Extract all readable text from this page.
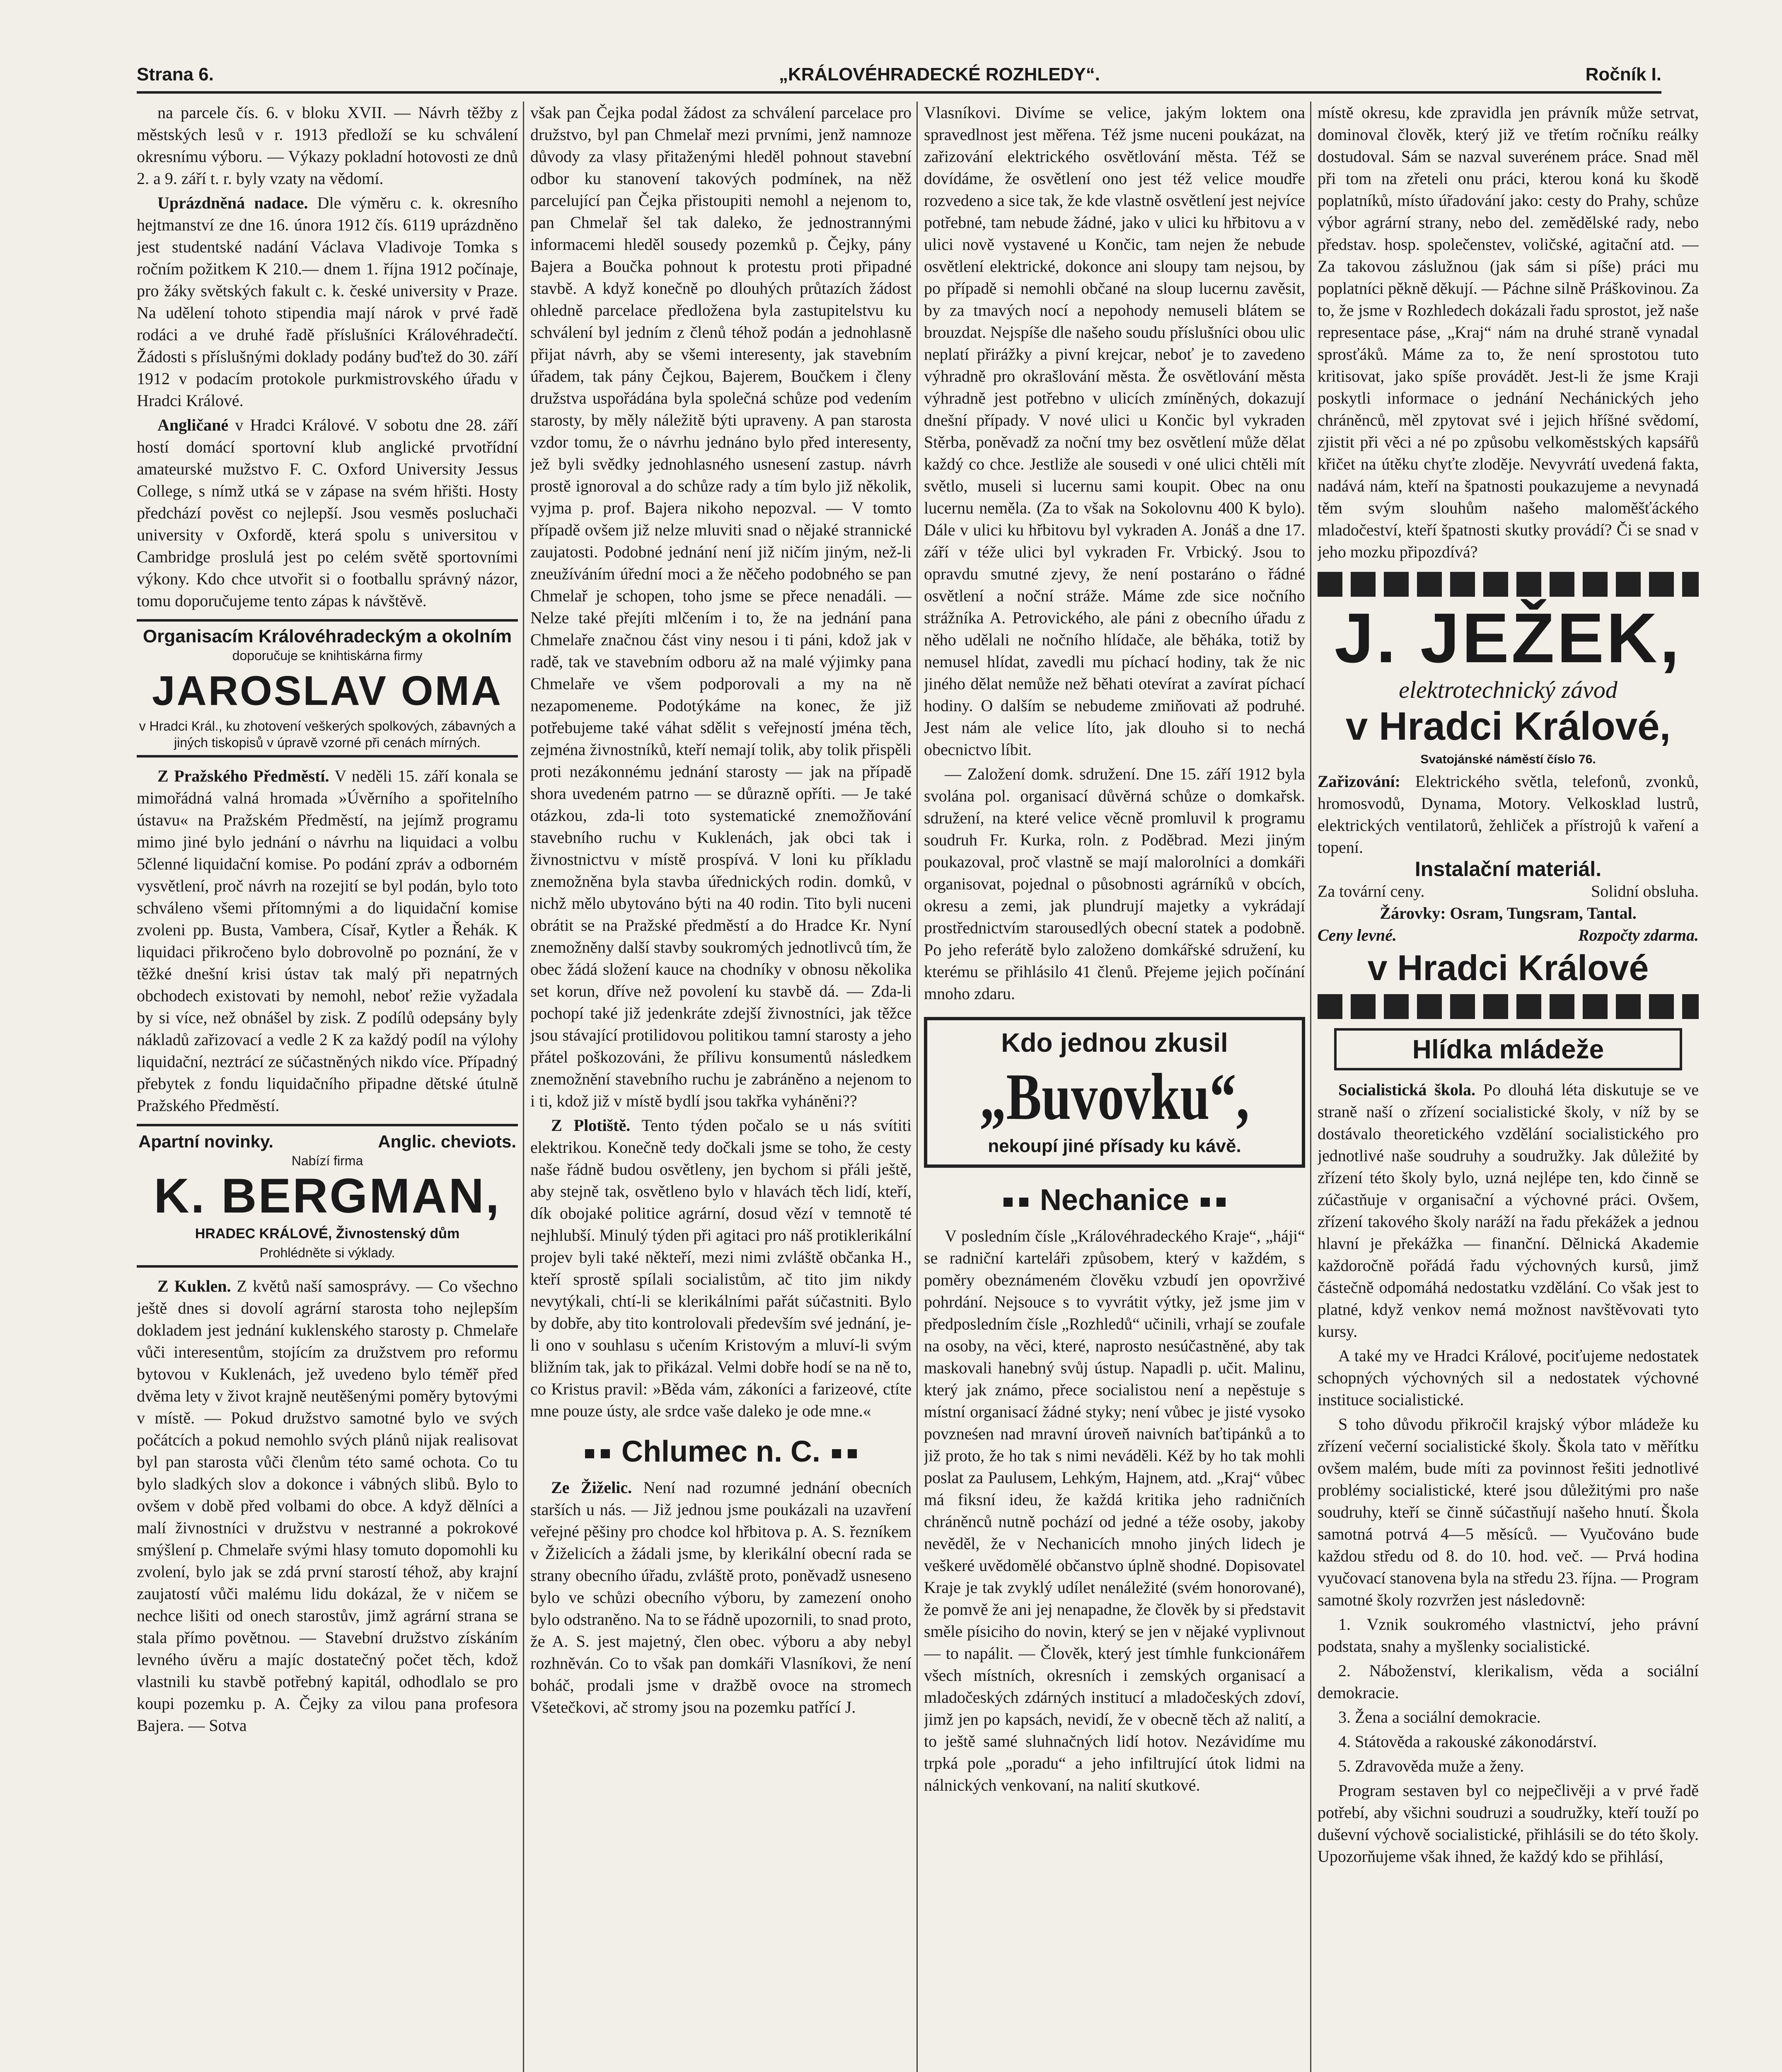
Strana 6.	„KRÁLOVÉHRADECKÉ ROZHLEDY“.	Ročník I.

na parcele čís. 6. v bloku XVII. — Návrh těžby z městských lesů v r. 1913 předloží se ku schválení okresnímu výboru. — Výkazy pokladní hotovosti ze dnů 2. a 9. září t. r. byly vzaty na vědomí.

Uprázdněná nadace. Dle výměru c. k. okresního hejtmanství ze dne 16. února 1912 čís. 6119 uprázdněno jest studentské nadání Václava Vladivoje Tomka s ročním požitkem K 210.— dnem 1. října 1912 počínaje, pro žáky světských fakult c. k. české university v Praze. Na udělení tohoto stipendia mají nárok v prvé řadě rodáci a ve druhé řadě příslušníci Královéhradečtí. Žádosti s příslušnými doklady podány buďtež do 30. září 1912 v podacím protokole purkmistrovského úřadu v Hradci Králové.

Angličané v Hradci Králové. V sobotu dne 28. září hostí domácí sportovní klub anglické prvotřídní amateurské mužstvo F. C. Oxford University Jessus College, s nímž utká se v zápase na svém hřišti. Hosty předchází pověst co nejlepší. Jsou vesměs posluchači university v Oxfordě, která spolu s universitou v Cambridge proslulá jest po celém světě sportovními výkony. Kdo chce utvořit si o footballu správný názor, tomu doporučujeme tento zápas k návštěvě.

Organisacím Královéhradeckým a okolním
doporučuje se knihtiskárna firmy
JAROSLAV OMA
v Hradci Král., ku zhotovení veškerých spolkových, zábavných a jiných tiskopisů v úpravě vzorné při cenách mírných.

Z Pražského Předměstí. V neděli 15. září konala se mimořádná valná hromada »Úvěrního a spořitelního ústavu« na Pražském Předměstí, na jejímž programu mimo jiné bylo jednání o návrhu na liquidaci a volbu 5členné liquidační komise. Po podání zpráv a odborném vysvětlení, proč návrh na rozejití se byl podán, bylo toto schváleno všemi přítomnými a do liquidační komise zvoleni pp. Busta, Vambera, Císař, Kytler a Řehák. K liquidaci přikročeno bylo dobrovolně po poznání, že v těžké dnešní krisi ústav tak malý při nepatrných obchodech existovati by nemohl, neboť režie vyžadala by si více, než obnášel by zisk. Z podílů odepsány byly nákladů zařizovací a vedle 2 K za každý podíl na výlohy liquidační, neztrácí ze súčastněných nikdo více. Případný přebytek z fondu liquidačního připadne dětské útulně Pražského Předměstí.

Apartní novinky.	Anglic. cheviots.
Nabízí firma
K. BERGMAN,
HRADEC KRÁLOVÉ, Živnostenský dům
Prohlédněte si výklady.

Z Kuklen. Z květů naší samosprávy. — Co všechno ještě dnes si dovolí agrární starosta toho nejlepším dokladem jest jednání kuklenského starosty p. Chmelaře vůči interesentům, stojícím za družstvem pro reformu bytovou v Kuklenách, jež uvedeno bylo téměř před dvěma lety v život krajně neutěšenými poměry bytovými v místě. — Pokud družstvo samotné bylo ve svých počátcích a pokud nemohlo svých plánů nijak realisovat byl pan starosta vůči členům této samé ochota. Co tu bylo sladkých slov a dokonce i vábných slibů. Bylo to ovšem v době před volbami do obce. A když dělníci a malí živnostníci v družstvu v nestranné a pokrokové smýšlení p. Chmelaře svými hlasy tomuto dopomohli ku zvolení, bylo jak se zdá první starostí téhož, aby krajní zaujatostí vůči malému lidu dokázal, že v ničem se nechce lišiti od onech starostův, jimž agrární strana se stala přímo povětnou. — Stavební družstvo získáním levného úvěru a majíc dostatečný počet těch, kdož vlastnili ku stavbě potřebný kapitál, odhodlalo se pro koupi pozemku p. A. Čejky za vilou pana profesora Bajera. — Sotva

však pan Čejka podal žádost za schválení parcelace pro družstvo, byl pan Chmelař mezi prvními, jenž namnoze důvody za vlasy přitaženými hleděl pohnout stavební odbor ku stanovení takových podmínek, na něž parcelující pan Čejka přistoupiti nemohl a nejenom to, pan Chmelař šel tak daleko, že jednostrannými informacemi hleděl sousedy pozemků p. Čejky, pány Bajera a Boučka pohnout k protestu proti připadné stavbě. A když konečně po dlouhých průtazích žádost ohledně parcelace předložena byla zastupitelstvu ku schválení byl jedním z členů téhož podán a jednohlasně přijat návrh, aby se všemi interesenty, jak stavebním úřadem, tak pány Čejkou, Bajerem, Boučkem i členy družstva uspořádána byla společná schůze pod vedením starosty, by měly náležitě býti upraveny. A pan starosta vzdor tomu, že o návrhu jednáno bylo před interesenty, jež byli svědky jednohlasného usnesení zastup. návrh prostě ignoroval a do schůze rady a tím bylo již několik, vyjma p. prof. Bajera nikoho nepozval. — V tomto případě ovšem již nelze mluviti snad o nějaké strannické zaujatosti. Podobné jednání není již ničím jiným, než-li zneužíváním úřední moci a že něčeho podobného se pan Chmelař je schopen, toho jsme se přece nenadáli. — Nelze také přejíti mlčením i to, že na jednání pana Chmelaře značnou část viny nesou i ti páni, kdož jak v radě, tak ve stavebním odboru až na malé výjimky pana Chmelaře ve všem podporovali a my na ně nezapomeneme. Podotýkáme na konec, že již potřebujeme také váhat sdělit s veřejností jména těch, zejména živnostníků, kteří nemají tolik, aby tolik přispěli proti nezákonnému jednání starosty — jak na případě shora uvedeném patrno — se důrazně opříti. — Je také otázkou, zda-li toto systematické znemožňování stavebního ruchu v Kuklenách, jak obci tak i živnostnictvu v místě prospívá. V loni ku příkladu znemožněna byla stavba úřednických rodin. domků, v nichž mělo ubytováno býti na 40 rodin. Tito byli nuceni obrátit se na Pražské předměstí a do Hradce Kr. Nyní znemožněny další stavby soukromých jednotlivců tím, že obec žádá složení kauce na chodníky v obnosu několika set korun, dříve než povolení ku stavbě dá. — Zda-li pochopí také již jedenkráte zdejší živnostníci, jak těžce jsou stávající protilidovou politikou tamní starosty a jeho přátel poškozováni, že přílivu konsumentů následkem znemožnění stavebního ruchu je zabráněno a nejenom to i ti, kdož již v místě bydlí jsou takřka vyháněni??

Z Plotiště. Tento týden počalo se u nás svítiti elektrikou. Konečně tedy dočkali jsme se toho, že cesty naše řádně budou osvětleny, jen bychom si přáli ještě, aby stejně tak, osvětleno bylo v hlavách těch lidí, kteří, dík obojaké politice agrární, dosud vězí v temnotě té nejhlubší. Minulý týden při agitaci pro náš protiklerikální projev byli také někteří, mezi nimi zvláště občanka H., kteří sprostě spílali socialistům, ač tito jim nikdy nevytýkali, chtí-li se klerikálními pařát súčastniti. Bylo by dobře, aby tito kontrolovali především své jednání, je-li ono v souhlasu s učením Kristovým a mluví-li svým bližním tak, jak to přikázal. Velmi dobře hodí se na ně to, co Kristus pravil: »Běda vám, zákoníci a farizeové, ctíte mne pouze ústy, ale srdce vaše daleko je ode mne.«

Chlumec n. C.

Ze Žiželic. Není nad rozumné jednání obecních starších u nás. — Již jednou jsme poukázali na uzavření veřejné pěšiny pro chodce kol hřbitova p. A. S. řezníkem v Žiželicích a žádali jsme, by klerikální obecní rada se strany obecního úřadu, zvláště proto, poněvadž usneseno bylo ve schůzi obecního výboru, by zamezení onoho bylo odstraněno. Na to se řádně upozornili, to snad proto, že A. S. jest majetný, člen obec. výboru a aby nebyl rozhněván. Co to však pan domkáři Vlasníkovi, že není boháč, prodali jsme v dražbě ovoce na stromech Všetečkovi, ač stromy jsou na pozemku patřící J.

Vlasníkovi. Divíme se velice, jakým loktem ona spravedlnost jest měřena. Též jsme nuceni poukázat, na zařizování elektrického osvětlování města. Též se dovídáme, že osvětlení ono jest též velice moudře rozvedeno a sice tak, že kde vlastně osvětlení jest nejvíce potřebné, tam nebude žádné, jako v ulici ku hřbitovu a v ulici nově vystavené u Končic, tam nejen že nebude osvětlení elektrické, dokonce ani sloupy tam nejsou, by po případě si nemohli občané na sloup lucernu zavěsit, by za tmavých nocí a nepohody nemuseli blátem se brouzdat. Nejspíše dle našeho soudu příslušníci obou ulic neplatí přirážky a pivní krejcar, neboť je to zavedeno výhradně pro okrašlování města. Že osvětlování města výhradně jest potřebno v ulicích zmíněných, dokazují dnešní případy. V nové ulici u Končic byl vykraden Stěrba, poněvadž za noční tmy bez osvětlení může dělat každý co chce. Jestliže ale sousedi v oné ulici chtěli mít světlo, museli si lucernu sami koupit. Obec na onu lucernu neměla. (Za to však na Sokolovnu 400 K bylo). Dále v ulici ku hřbitovu byl vykraden A. Jonáš a dne 17. září v téže ulici byl vykraden Fr. Vrbický. Jsou to opravdu smutné zjevy, že není postaráno o řádné osvětlení a noční stráže. Máme zde sice nočního strážníka A. Petrovického, ale páni z obecního úřadu z něho udělali ne nočního hlídače, ale běháka, totiž by nemusel hlídat, zavedli mu píchací hodiny, tak že nic jiného dělat nemůže než běhati otevírat a zavírat píchací hodiny. O dalším se nebudeme zmiňovati až podruhé. Jest nám ale velice líto, jak dlouho si to nechá obecnictvo líbit.

— Založení domk. sdružení. Dne 15. září 1912 byla svolána pol. organisací důvěrná schůze o domkařsk. sdružení, na které velice věcně promluvil k programu soudruh Fr. Kurka, roln. z Poděbrad. Mezi jiným poukazoval, proč vlastně se mají malorolníci a domkáři organisovat, pojednal o působnosti agrárníků v obcích, okresu a zemi, jak plundrují majetky a vykrádají prostřednictvím starousedlých obecní statek a podobně. Po jeho referátě bylo založeno domkářské sdružení, ku kterému se přihlásilo 41 členů. Přejeme jejich počínání mnoho zdaru.

Kdo jednou zkusil
„Buvovku“,
nekoupí jiné přísady ku kávě.
Nechanice

V posledním čísle „Královéhradeckého Kraje“, „háji“ se radniční karteláři způsobem, který v každém, s poměry obeznámeném člověku vzbudí jen opovrživé pohrdání. Nejsouce s to vyvrátit výtky, jež jsme jim v předposledním čísle „Rozhledů“ učinili, vrhají se zoufale na osoby, na věci, které, naprosto nesúčastněné, aby tak maskovali hanebný svůj ústup. Napadli p. učit. Malinu, který jak známo, přece socialistou není a nepěstuje s místní organisací žádné styky; není vůbec je jisté vysoko povzneśen nad mravní úroveň naivních baťtipánků a to již proto, že ho tak s nimi neváděli. Kéž by ho tak mohli poslat za Paulusem, Lehkým, Hajnem, atd. „Kraj“ vůbec má fiksní ideu, že každá kritika jeho radničních chráněnců nutně pochází od jedné a téže osoby, jakoby nevěděl, že v Nechanicích mnoho jiných lidech je veškeré uvědomělé občanstvo úplně shodné. Dopisovatel Kraje je tak zvyklý udílet nenáležité (svém honorované), že pomvě že ani jej nenapadne, že člověk by si představit směle písiciho do novin, který se jen v nějaké vyplivnout — to napálit. — Člověk, který jest tímhle funkcionářem všech místních, okresních i zemských organisací a mladočeských zdárných institucí a mladočeských zdoví, jimž jen po kapsách, nevidí, že v obecně těch až nalití, a to ještě samé sluhnačných lidí hotov. Nezávidíme mu trpká pole „poradu“ a jeho infiltrující útok lidmi na nálnických venkovaní, na nalití skutkové.

místě okresu, kde zpravidla jen právník může setrvat, dominoval člověk, který již ve třetím ročníku reálky dostudoval. Sám se nazval suverénem práce. Snad měl při tom na zřeteli onu práci, kterou koná ku škodě poplatníků, místo úřadování jako: cesty do Prahy, schůze výbor agrární strany, nebo del. zemědělské rady, nebo představ. hosp. společenstev, voličské, agitační atd. — Za takovou záslužnou (jak sám si píše) práci mu poplatníci pěkně děkují. — Páchne silně Práškovinou. Za to, že jsme v Rozhledech dokázali řadu sprostot, jež naše representace páse, „Kraj“ nám na druhé straně vynadal sprosťáků. Máme za to, že není sprostotou tuto kritisovat, jako spíše provádět. Jest-li že jsme Kraji poskytli informace o jednání Nechánických jeho chráněnců, měl zpytovat své i jejich hříšné svědomí, zjistit při věci a né po způsobu velkoměstských kapsářů křičet na útěku chyťte zloděje. Nevyvrátí uvedená fakta, nadává nám, kteří na špatnosti poukazujeme a nevynadá těm svým slouhům našeho maloměšťáckého mladočeství, kteří špatnosti skutky provádí? Či se snad v jeho mozku připozdívá?

J. JEŽEK,
elektrotechnický závod
v Hradci Králové,
Svatojánské náměstí číslo 76.
Zařizování: Elektrického světla, telefonů, zvonků, hromosvodů, Dynama, Motory. Velkosklad lustrů, elektrických ventilatorů, žehliček a přístrojů k vaření a topení.
Instalační materiál.
Za tovární ceny.	Solidní obsluha.
Žárovky: Osram, Tungsram, Tantal.
Ceny levné.	Rozpočty zdarma.
v Hradci Králové
Hlídka mládeže

Socialistická škola. Po dlouhá léta diskutuje se ve straně naší o zřízení socialistické školy, v níž by se dostávalo theoretického vzdělání socialistického pro jednotlivé naše soudruhy a soudružky. Jak důležité by zřízení této školy bylo, uzná nejlépe ten, kdo činně se zúčastňuje v organisační a výchovné práci. Ovšem, zřízení takového školy naráží na řadu překážek a jednou hlavní je překážka — finanční. Dělnická Akademie každoročně pořádá řadu výchovných kursů, jimž částečně odpomáhá nedostatku vzdělání. Co však jest to platné, když venkov nemá možnost navštěvovati tyto kursy.

A také my ve Hradci Králové, pociťujeme nedostatek schopných výchovných sil a nedostatek výchovné instituce socialistické.

S toho důvodu přikročil krajský výbor mládeže ku zřízení večerní socialistické školy. Škola tato v měřítku ovšem malém, bude míti za povinnost řešiti jednotlivé problémy socialistické, které jsou důležitými pro naše soudruhy, kteří se činně súčastňují našeho hnutí. Škola samotná potrvá 4—5 měsíců. — Vyučováno bude každou středu od 8. do 10. hod. več. — Prvá hodina vyučovací stanovena byla na středu 23. října. — Program samotné školy rozvržen jest následovně:

1. Vznik soukromého vlastnictví, jeho právní podstata, snahy a myšlenky socialistické.

2. Náboženství, klerikalism, věda a sociální demokracie.

3. Žena a sociální demokracie.

4. Státověda a rakouské zákonodárství.

5. Zdravověda muže a ženy.

Program sestaven byl co nejpečlivěji a v prvé řadě potřebí, aby všichni soudruzi a soudružky, kteří touží po duševní výchově socialistické, přihlásili se do této školy. Upozorňujeme však ihned, že každý kdo se přihlásí,
